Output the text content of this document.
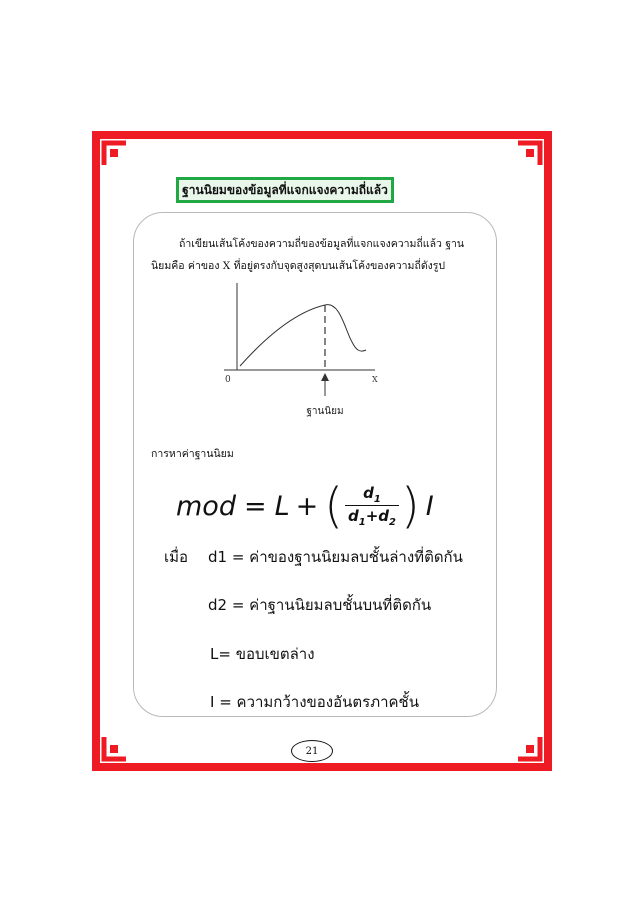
ฐานนิยมของข้อมูลที่แจกแจงความถี่แล้ว
ถ้าเขียนเส้นโค้งของความถี่ของข้อมูลที่แจกแจงความถี่แล้ว ฐาน
นิยมคือ ค่าของ X ที่อยู่ตรงกับจุดสูงสุดบนเส้นโค้งของความถี่ดังรูป
0	X
ฐานนิยม
การหาค่าฐานนิยม
mod = L + ( $\frac{d_1}{d_1+d_2}$ ) I
เมื่อ d1 = ค่าของฐานนิยมลบชั้นล่างที่ติดกัน
d2 = ค่าฐานนิยมลบชั้นบนที่ติดกัน
L= ขอบเขตล่าง
I = ความกว้างของอันตรภาคชั้น
21
